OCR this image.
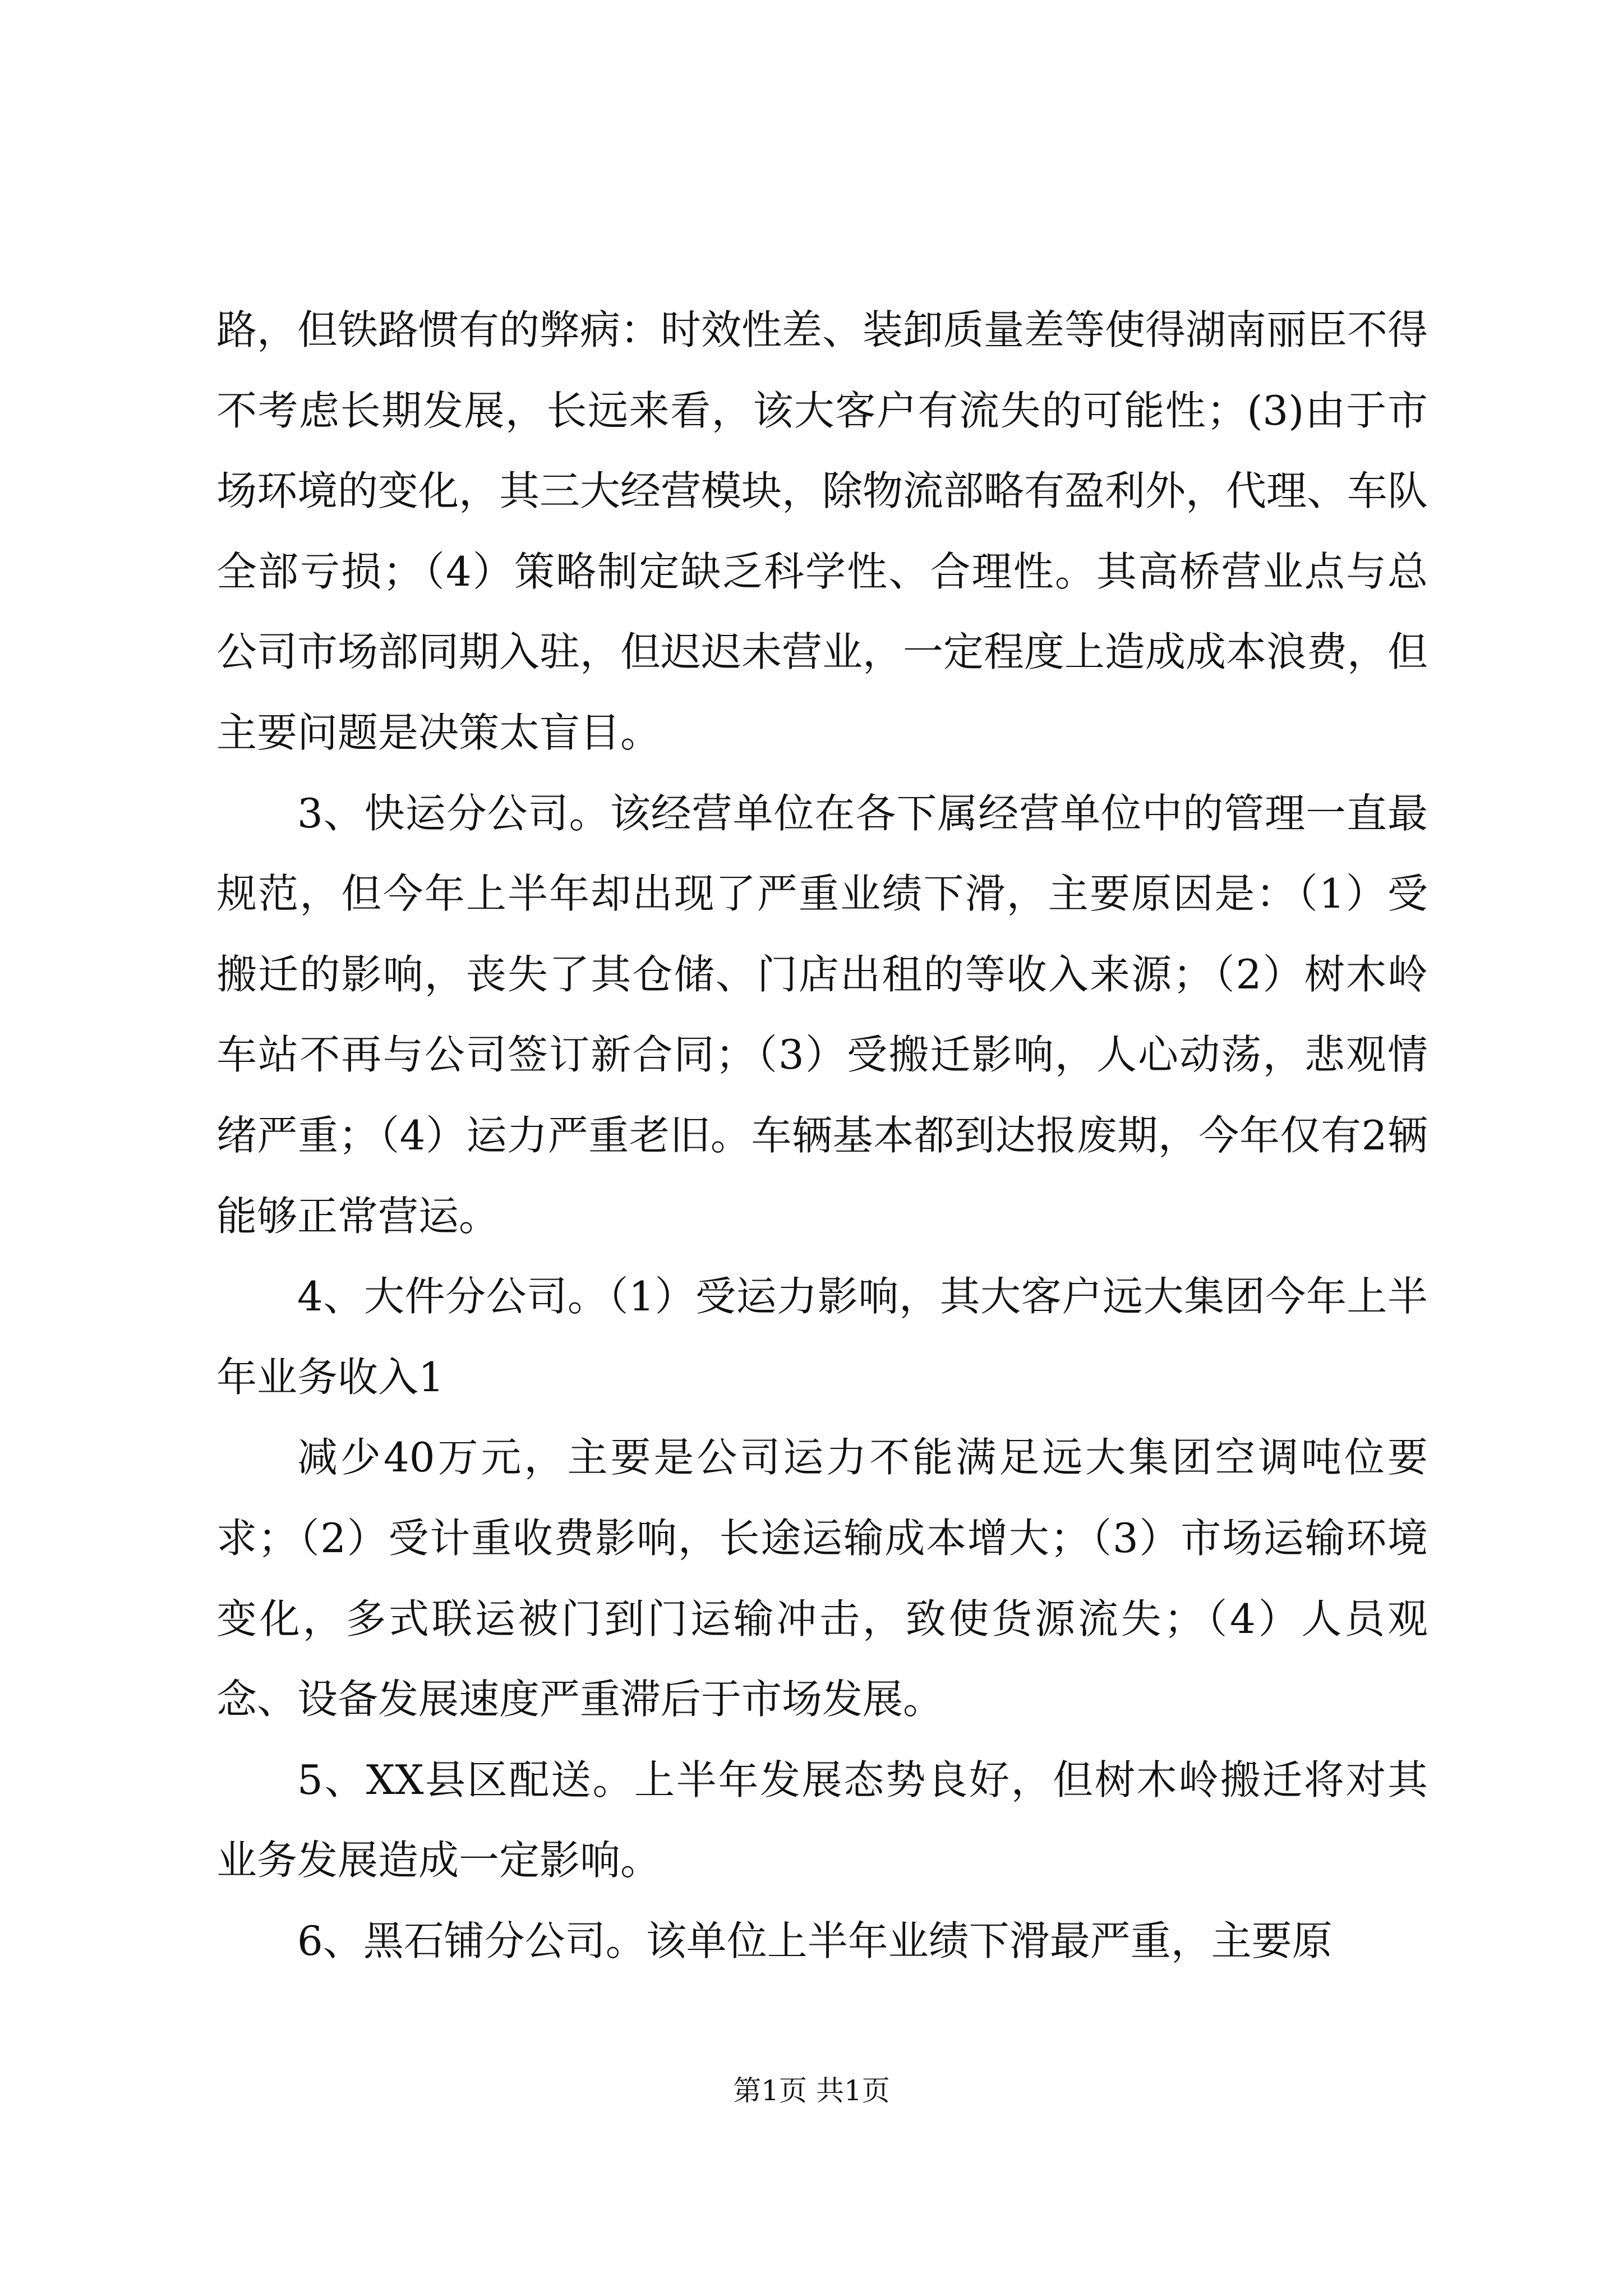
路，但铁路惯有的弊病：时效性差、装卸质量差等使得湖南丽臣不得不考虑长期发展，长远来看，该大客户有流失的可能性；(3)由于市场环境的变化，其三大经营模块，除物流部略有盈利外，代理、车队全部亏损；（4）策略制定缺乏科学性、合理性。其高桥营业点与总公司市场部同期入驻，但迟迟未营业，一定程度上造成成本浪费，但主要问题是决策太盲目。

3、快运分公司。该经营单位在各下属经营单位中的管理一直最规范，但今年上半年却出现了严重业绩下滑，主要原因是：（1）受搬迁的影响，丧失了其仓储、门店出租的等收入来源；（2）树木岭车站不再与公司签订新合同；（3）受搬迁影响，人心动荡，悲观情绪严重；（4）运力严重老旧。车辆基本都到达报废期，今年仅有2辆能够正常营运。

4、大件分公司。（1）受运力影响，其大客户远大集团今年上半年业务收入1

减少40万元，主要是公司运力不能满足远大集团空调吨位要求；（2）受计重收费影响，长途运输成本增大；（3）市场运输环境变化，多式联运被门到门运输冲击，致使货源流失；（4）人员观念、设备发展速度严重滞后于市场发展。

5、XX县区配送。上半年发展态势良好，但树木岭搬迁将对其业务发展造成一定影响。

6、黑石铺分公司。该单位上半年业绩下滑最严重，主要原

第1页 共1页
